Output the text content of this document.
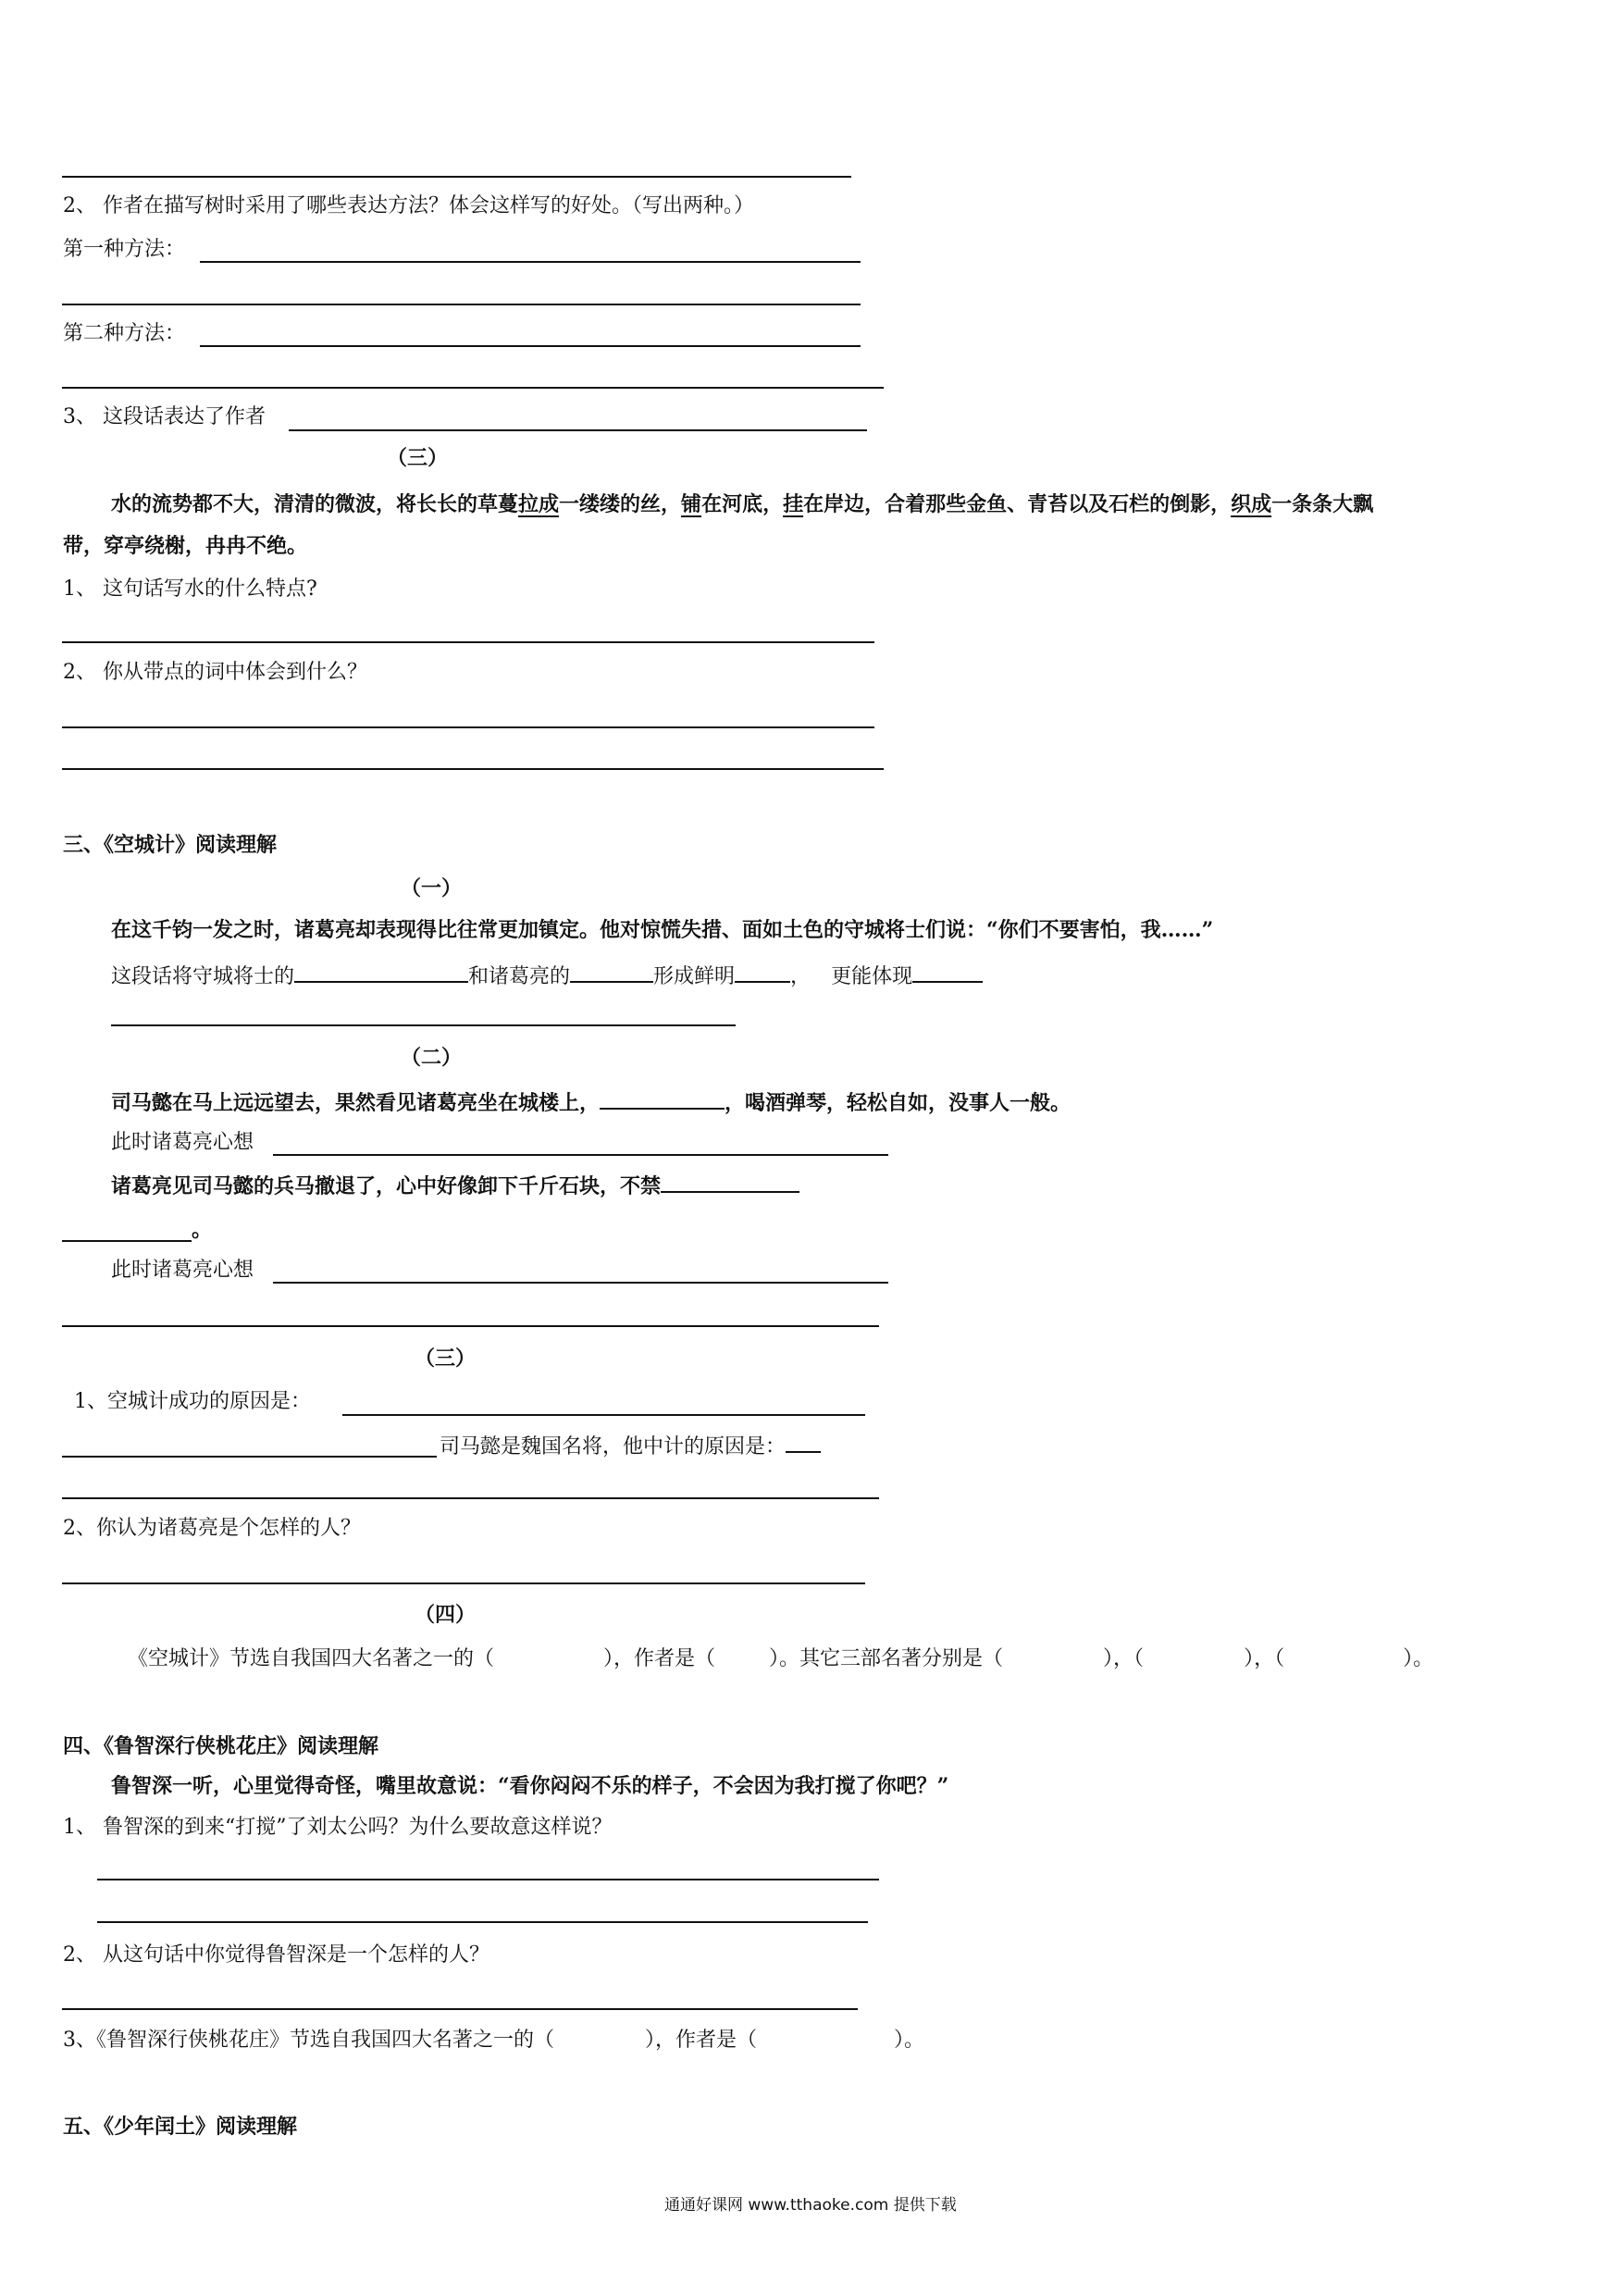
2、 作者在描写树时采用了哪些表达方法？体会这样写的好处。（写出两种。）
第一种方法：
第二种方法：
3、 这段话表达了作者
（三）
水的流势都不大，清清的微波，将长长的草蔓拉成一缕缕的丝，铺在河底，挂在岸边，合着那些金鱼、青苔以及石栏的倒影，织成一条条大飘
带，穿亭绕榭，冉冉不绝。
1、 这句话写水的什么特点?
2、 你从带点的词中体会到什么？
三、《空城计》阅读理解
（一）
在这千钧一发之时，诸葛亮却表现得比往常更加镇定。他对惊慌失措、面如土色的守城将士们说：“你们不要害怕，我……”
这段话将守城将士的	和诸葛亮的	形成鲜明	， 更能体现
（二）
司马懿在马上远远望去，果然看见诸葛亮坐在城楼上，	，喝酒弹琴，轻松自如，没事人一般。
此时诸葛亮心想
诸葛亮见司马懿的兵马撤退了，心中好像卸下千斤石块，不禁
。
此时诸葛亮心想
（三）
1、空城计成功的原因是：
司马懿是魏国名将，他中计的原因是：
2、你认为诸葛亮是个怎样的人？
（四）
《空城计》节选自我国四大名著之一的（	），作者是（	）。其它三部名著分别是（	），（	），（	）。
四、《鲁智深行侠桃花庄》阅读理解
鲁智深一听，心里觉得奇怪，嘴里故意说：“看你闷闷不乐的样子，不会因为我打搅了你吧？”
1、 鲁智深的到来“打搅”了刘太公吗？为什么要故意这样说？
2、 从这句话中你觉得鲁智深是一个怎样的人？
3、《鲁智深行侠桃花庄》节选自我国四大名著之一的（	），作者是（	）。
五、《少年闰土》阅读理解
通通好课网 www.tthaoke.com 提供下载
